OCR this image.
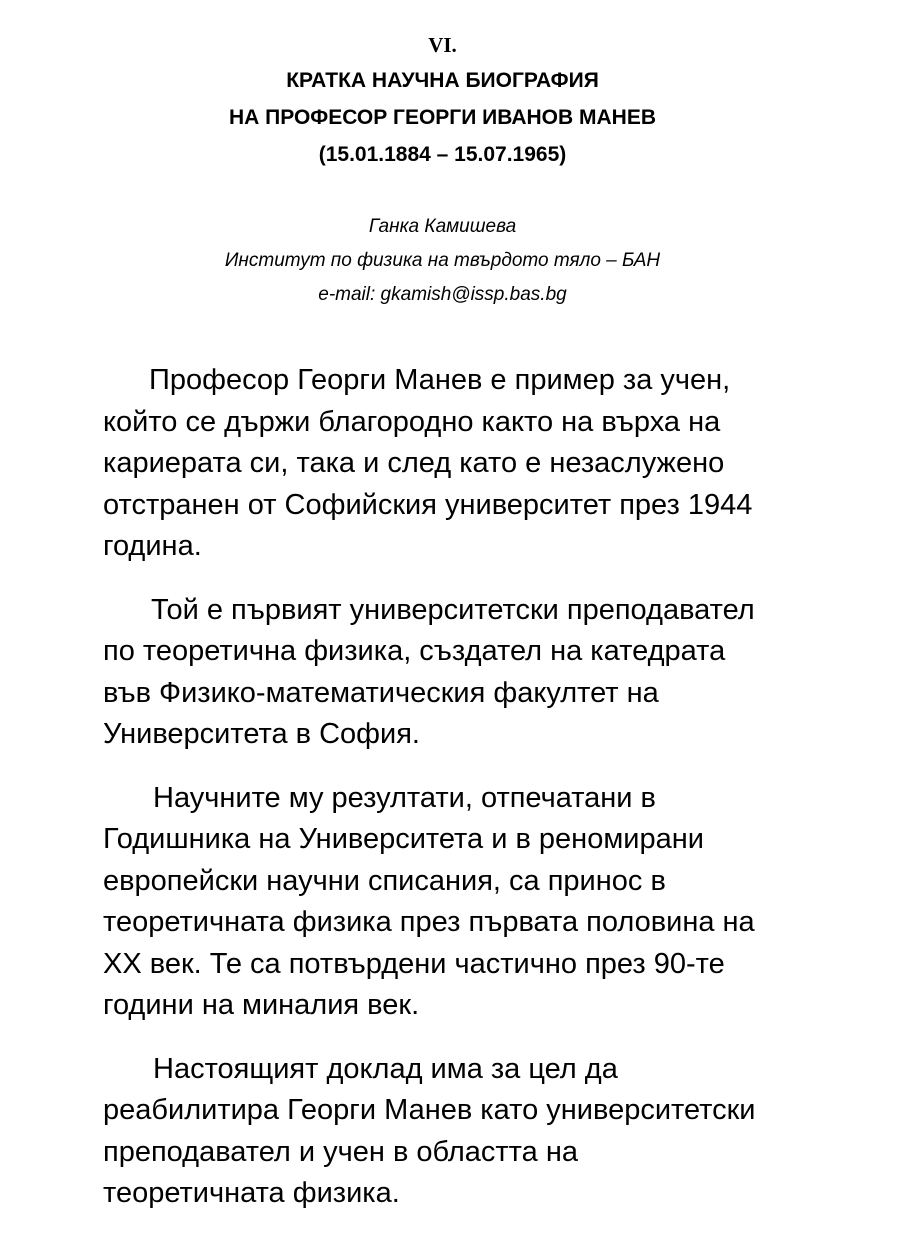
VI.
КРАТКА НАУЧНА БИОГРАФИЯ
НА ПРОФЕСОР ГЕОРГИ ИВАНОВ МАНЕВ
(15.01.1884 – 15.07.1965)
Ганка Камишева
Институт по физика на твърдото тяло – БАН
e-mail: gkamish@issp.bas.bg

Професор Георги Манев е пример за учен,
който се държи благородно както на върха на
кариерата си, така и след като е незаслужено
отстранен от Софийския университет през 1944
година.

Той е първият университетски преподавател
по теоретична физика, създател на катедрата
във Физико-математическия факултет на
Университета в София.

Научните му резултати, отпечатани в
Годишника на Университета и в реномирани
европейски научни списания, са принос в
теоретичната физика през първата половина на
ХХ век. Те са потвърдени частично през 90-те
години на миналия век.

Настоящият доклад има за цел да
реабилитира Георги Манев като университетски
преподавател и учен в областта на
теоретичната физика.
